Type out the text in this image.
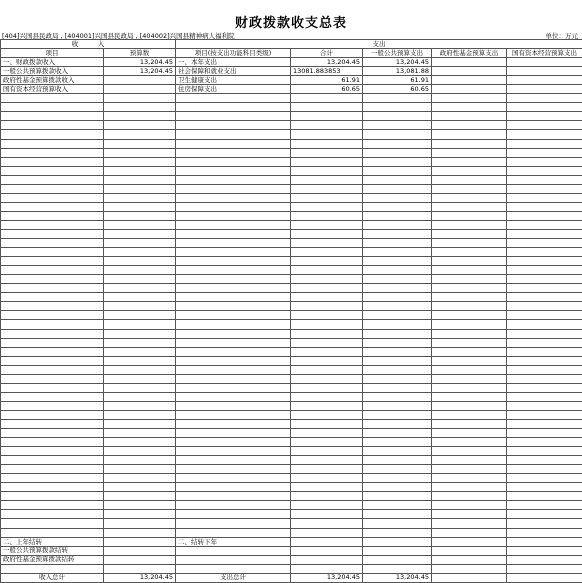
财政拨款收支总表
[404]兴国县民政局 , [404001]兴国县民政局 , [404002]兴国县精神病人福利院	单位：万元
收　　　入		支出				
项目	预算数	项目(按支出功能科目类级)	合计	一般公共预算支出	政府性基金预算支出	国有资本经营预算支出
一、财政拨款收入	13,204.45	一、本年支出	13,204.45	13,204.45		
一般公共预算拨款收入	13,204.45	社会保障和就业支出	13081.883853	13,081.88		
政府性基金预算拨款收入		卫生健康支出	61.91	61.91		
国有资本经营预算收入		住房保障支出	60.65	60.65		

二、上年结转		二、结转下年				
一般公共预算拨款结转						
政府性基金预算拨款结转						

收入总计	13,204.45	支出总计	13,204.45	13,204.45		
